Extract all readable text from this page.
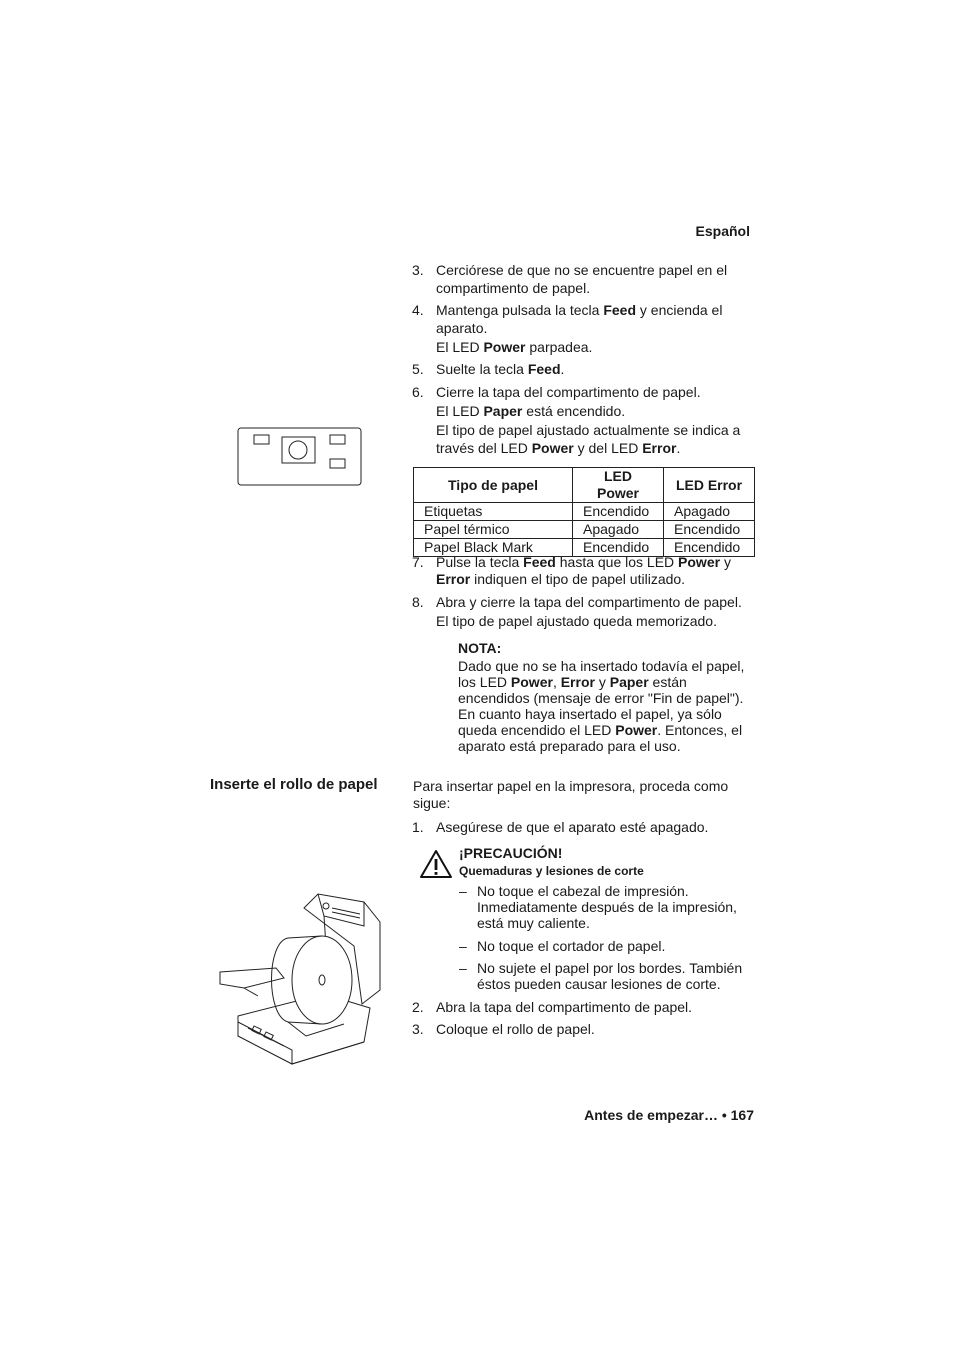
Español
3. Cerciórese de que no se encuentre papel en el
compartimento de papel.
4. Mantenga pulsada la tecla Feed y encienda el
aparato.
El LED Power parpadea.
5. Suelte la tecla Feed.
6. Cierre la tapa del compartimento de papel.
El LED Paper está encendido.
El tipo de papel ajustado actualmente se indica a
través del LED Power y del LED Error.
Tipo de papel	LED Power	LED Error
Etiquetas	Encendido	Apagado
Papel térmico	Apagado	Encendido
Papel Black Mark	Encendido	Encendido
7. Pulse la tecla Feed hasta que los LED Power y
Error indiquen el tipo de papel utilizado.
8. Abra y cierre la tapa del compartimento de papel.
El tipo de papel ajustado queda memorizado.
NOTA:
Dado que no se ha insertado todavía el papel,
los LED Power, Error y Paper están
encendidos (mensaje de error "Fin de papel").
En cuanto haya insertado el papel, ya sólo
queda encendido el LED Power. Entonces, el
aparato está preparado para el uso.
Inserte el rollo de papel	Para insertar papel en la impresora, proceda como
sigue:
1. Asegúrese de que el aparato esté apagado.
¡PRECAUCIÓN!
Quemaduras y lesiones de corte
– No toque el cabezal de impresión.
Inmediatamente después de la impresión,
está muy caliente.
– No toque el cortador de papel.
– No sujete el papel por los bordes. También
éstos pueden causar lesiones de corte.
2. Abra la tapa del compartimento de papel.
3. Coloque el rollo de papel.
Antes de empezar… • 167
